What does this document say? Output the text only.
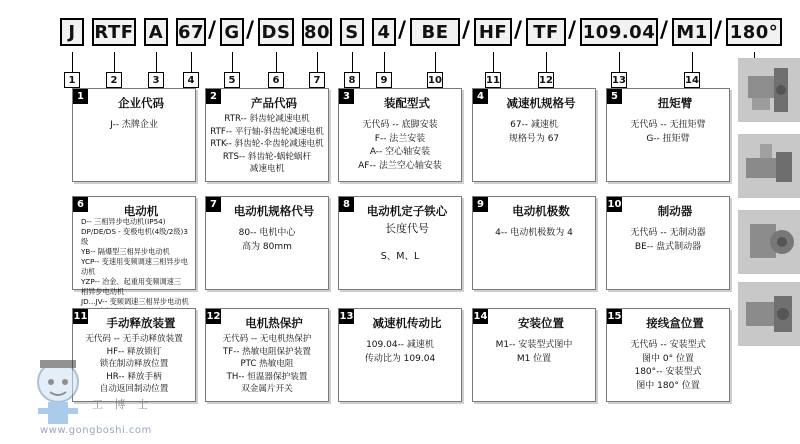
J
1
RTF
2
A
3
67
4
/ G
5
/ DS
6
80
7
S
8
4
9
/ BE
10
/ HF
11
/ TF
12
/ 109.04
13
/ M1
14
/ 180°
1	企业代码
J-- 杰牌企业
2	产品代码
RTR-- 斜齿轮减速电机
RTF-- 平行轴-斜齿轮减速电机
RTK-- 斜齿轮-伞齿轮减速电机
RTS-- 斜齿轮-蜗轮蜗杆
减速电机
3	装配型式
无代码 -- 底脚安装
F-- 法兰安装
A-- 空心轴安装
AF-- 法兰空心轴安装
4	减速机规格号
67-- 减速机
规格号为 67
5	扭矩臂
无代码 -- 无扭矩臂
G-- 扭矩臂
6	电动机
D-- 三相异步电动机(IP54)
DP/DE/DS - 变极电机(4级/2级)3级
YB-- 隔爆型三相异步电动机
YCP-- 变速用变频调速三相异步电动机
YZP-- 冶金、起重用变频调速三
相异步电动机
JD...JV-- 变频调速三相异步电动机
7	电动机规格代号
80-- 电机中心
高为 80mm
8	电动机定子铁心
长度代号
S、M、L
9	电动机极数
4-- 电动机极数为 4
10	制动器
无代码 -- 无制动器
BE-- 盘式制动器
11	手动释放装置
无代码 -- 无手动释放装置
HF-- 释放锁钉
锁在制动释放位置
HR-- 释放手柄
自动返回制动位置
12	电机热保护
无代码 -- 无电机热保护
TF-- 热敏电阻保护装置
PTC 热敏电阻
TH-- 恒温器保护装置
双金属片开关
13	减速机传动比
109.04-- 减速机
传动比为 109.04
14	安装位置
M1-- 安装型式图中
M1 位置
15	接线盒位置
无代码 -- 安装型式
图中 0° 位置
180°-- 安装型式
图中 180° 位置
工 博 士
www.gongboshi.com
